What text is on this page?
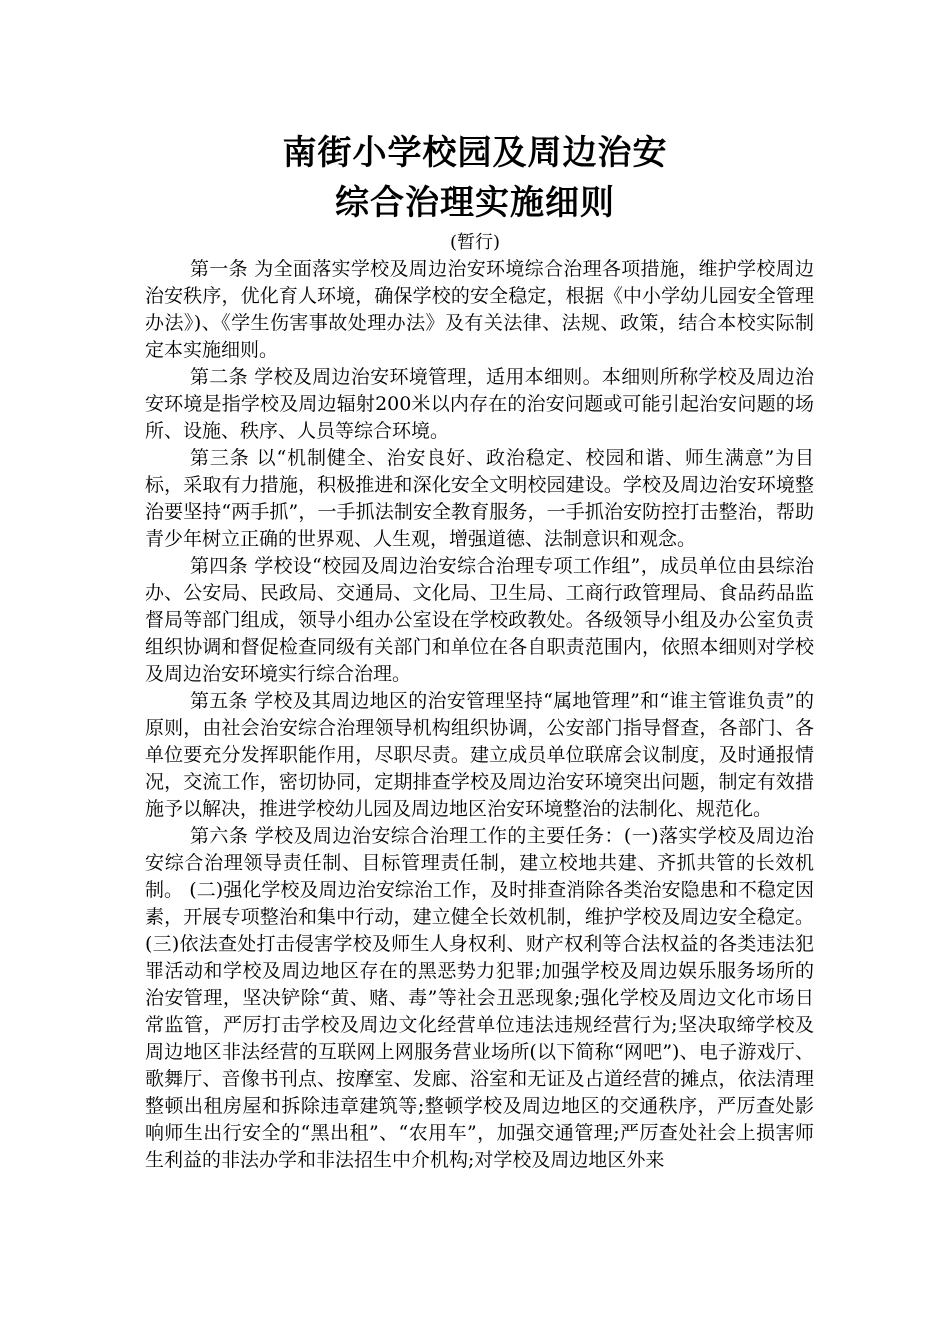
南街小学校园及周边治安
综合治理实施细则
(暂行)

第一条 为全面落实学校及周边治安环境综合治理各项措施，维护学校周边治安秩序，优化育人环境，确保学校的安全稳定，根据《中小学幼儿园安全管理办法》)、《学生伤害事故处理办法》及有关法律、法规、政策，结合本校实际制定本实施细则。

第二条 学校及周边治安环境管理，适用本细则。本细则所称学校及周边治安环境是指学校及周边辐射200米以内存在的治安问题或可能引起治安问题的场所、设施、秩序、人员等综合环境。

第三条 以“机制健全、治安良好、政治稳定、校园和谐、师生满意”为目标，采取有力措施，积极推进和深化安全文明校园建设。学校及周边治安环境整治要坚持“两手抓”，一手抓法制安全教育服务，一手抓治安防控打击整治，帮助青少年树立正确的世界观、人生观，增强道德、法制意识和观念。

第四条 学校设“校园及周边治安综合治理专项工作组”，成员单位由县综治办、公安局、民政局、交通局、文化局、卫生局、工商行政管理局、食品药品监督局等部门组成，领导小组办公室设在学校政教处。各级领导小组及办公室负责组织协调和督促检查同级有关部门和单位在各自职责范围内，依照本细则对学校及周边治安环境实行综合治理。

第五条 学校及其周边地区的治安管理坚持“属地管理”和“谁主管谁负责”的原则，由社会治安综合治理领导机构组织协调，公安部门指导督查，各部门、各单位要充分发挥职能作用，尽职尽责。建立成员单位联席会议制度，及时通报情况，交流工作，密切协同，定期排查学校及周边治安环境突出问题，制定有效措施予以解决，推进学校幼儿园及周边地区治安环境整治的法制化、规范化。

第六条 学校及周边治安综合治理工作的主要任务：(一)落实学校及周边治安综合治理领导责任制、目标管理责任制，建立校地共建、齐抓共管的长效机制。 (二)强化学校及周边治安综治工作，及时排查消除各类治安隐患和不稳定因素，开展专项整治和集中行动，建立健全长效机制，维护学校及周边安全稳定。 (三)依法查处打击侵害学校及师生人身权利、财产权利等合法权益的各类违法犯罪活动和学校及周边地区存在的黑恶势力犯罪;加强学校及周边娱乐服务场所的治安管理，坚决铲除“黄、赌、毒”等社会丑恶现象;强化学校及周边文化市场日常监管，严厉打击学校及周边文化经营单位违法违规经营行为;坚决取缔学校及周边地区非法经营的互联网上网服务营业场所(以下简称“网吧”)、电子游戏厅、歌舞厅、音像书刊点、按摩室、发廊、浴室和无证及占道经营的摊点，依法清理整顿出租房屋和拆除违章建筑等;整顿学校及周边地区的交通秩序，严厉查处影响师生出行安全的“黑出租”、“农用车”，加强交通管理;严厉查处社会上损害师生利益的非法办学和非法招生中介机构;对学校及周边地区外来
